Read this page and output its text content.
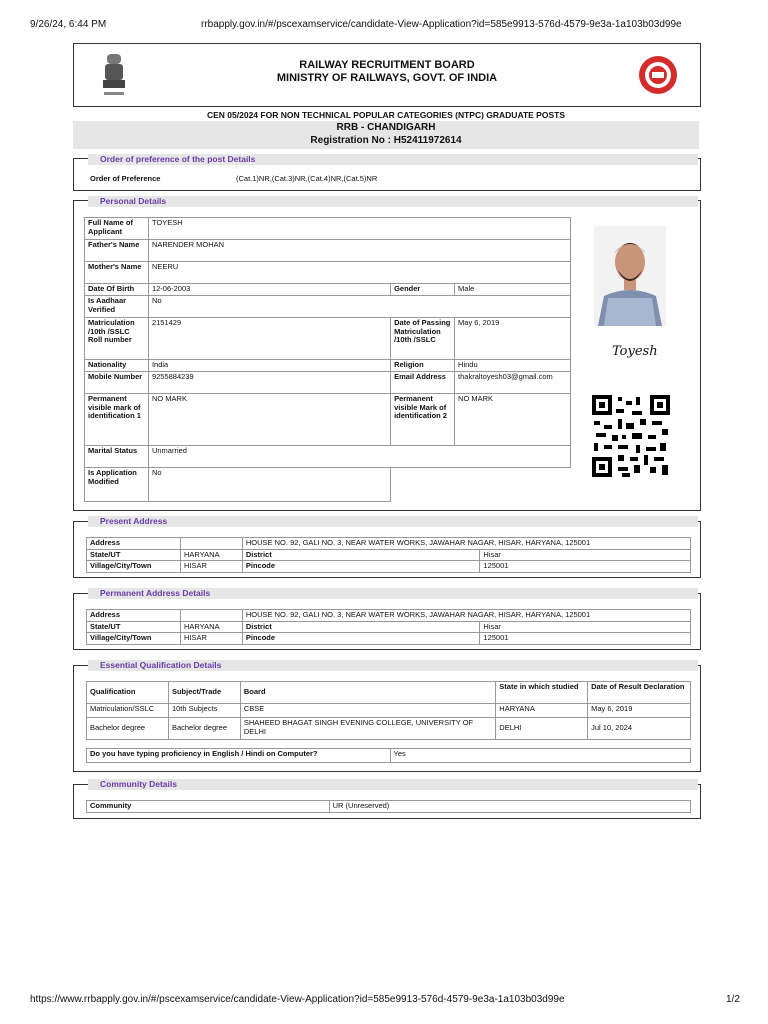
9/26/24, 6:44 PM	rrbapply.gov.in/#/pscexamservice/candidate-View-Application?id=585e9913-576d-4579-9e3a-1a103b03d99e
https://www.rrbapply.gov.in/#/pscexamservice/candidate-View-Application?id=585e9913-576d-4579-9e3a-1a103b03d99e	1/2
RAILWAY RECRUITMENT BOARD
MINISTRY OF RAILWAYS, GOVT. OF INDIA
CEN 05/2024 FOR NON TECHNICAL POPULAR CATEGORIES (NTPC) GRADUATE POSTS
RRB - CHANDIGARH
Registration No : H52411972614
Order of preference of the post Details
Order of Preference	(Cat.1)NR,(Cat.3)NR,(Cat.4)NR,(Cat.5)NR
Personal Details
Full Name of Applicant	TOYESH		
Father's Name	NARENDER MOHAN		
Mother's Name	NEERU		
Date Of Birth	12-06-2003	Gender	Male
Is Aadhaar Verified	No		
Matriculation /10th /SSLC Roll number	2151429	Date of Passing Matriculation /10th /SSLC	May 6, 2019
Nationality	India	Religion	Hindu
Mobile Number	9255884239	Email Address	thakraltoyesh03@gmail.com
Permanent visible mark of identification 1	NO MARK	Permanent visible Mark of identification 2	NO MARK
Marital Status	Unmarried		
Is Application Modified	No		
Toyesh
Present Address
Address		HOUSE NO. 92, GALI NO. 3, NEAR WATER WORKS, JAWAHAR NAGAR, HISAR, HARYANA, 125001	
State/UT	HARYANA	District	Hisar
Village/City/Town	HISAR	Pincode	125001
Permanent Address Details
Address		HOUSE NO. 92, GALI NO. 3, NEAR WATER WORKS, JAWAHAR NAGAR, HISAR, HARYANA, 125001	
State/UT	HARYANA	District	Hisar
Village/City/Town	HISAR	Pincode	125001
Essential Qualification Details
Qualification	Subject/Trade	Board	State in which studied	Date of Result Declaration
Matriculation/SSLC	10th Subjects	CBSE	HARYANA	May 6, 2019
Bachelor degree	Bachelor degree	SHAHEED BHAGAT SINGH EVENING COLLEGE, UNIVERSITY OF DELHI	DELHI	Jul 10, 2024
Do you have typing proficiency in English / Hindi on Computer?	Yes
Community Details
Community	UR (Unreserved)
